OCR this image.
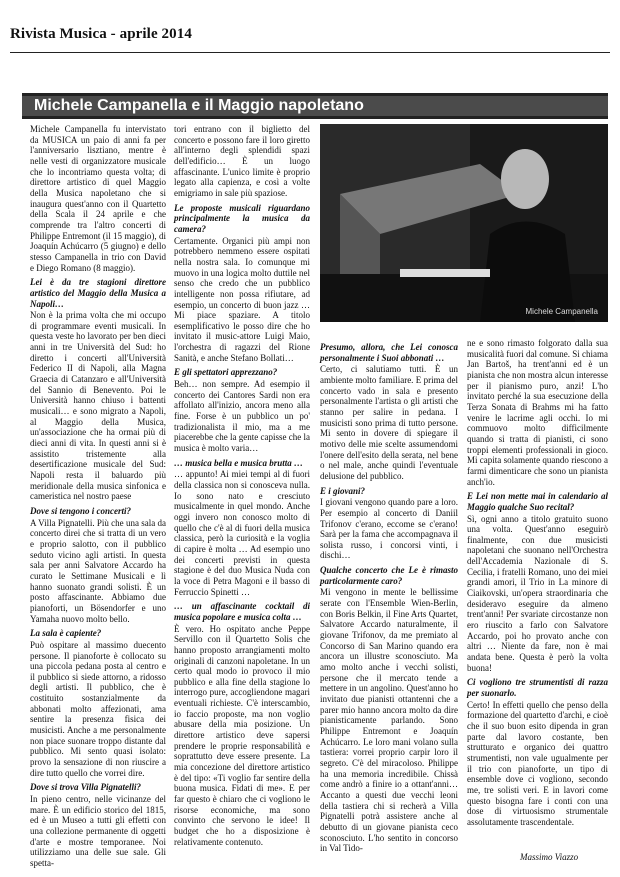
Rivista Musica - aprile 2014
Michele Campanella e il Maggio napoletano

Michele Campanella fu intervistato da MUSICA un paio di anni fa per l'anniversario lisztiano, mentre è nelle vesti di organizzatore musicale che lo incontriamo questa volta; di direttore artistico di quel Maggio della Musica napoletano che si inaugura quest'anno con il Quartetto della Scala il 24 aprile e che comprende tra l'altro concerti di Philippe Entremont (il 15 maggio), di Joaquín Achúcarro (5 giugno) e dello stesso Campanella in trio con David e Diego Romano (8 maggio).

Lei è da tre stagioni direttore artistico del Maggio della Musica a Napoli…

Non è la prima volta che mi occupo di programmare eventi musicali. In questa veste ho lavorato per ben dieci anni in tre Università del Sud: ho diretto i concerti all'Università Federico II di Napoli, alla Magna Graecia di Catanzaro e all'Università del Sannio di Benevento. Poi le Università hanno chiuso i battenti musicali… e sono migrato a Napoli, al Maggio della Musica, un'associazione che ha ormai più di dieci anni di vita. In questi anni si è assistito tristemente alla desertificazione musicale del Sud: Napoli resta il baluardo più meridionale della musica sinfonica e cameristica nel nostro paese

Dove si tengono i concerti?

A Villa Pignatelli. Più che una sala da concerto direi che si tratta di un vero e proprio salotto, con il pubblico seduto vicino agli artisti. In questa sala per anni Salvatore Accardo ha curato le Settimane Musicali e lì hanno suonato grandi solisti. È un posto affascinante. Abbiamo due pianoforti, un Bösendorfer e uno Yamaha nuovo molto bello.

La sala è capiente?

Può ospitare al massimo duecento persone. Il pianoforte è collocato su una piccola pedana posta al centro e il pubblico si siede attorno, a ridosso degli artisti. Il pubblico, che è costituito sostanzialmente da abbonati molto affezionati, ama sentire la presenza fisica dei musicisti. Anche a me personalmente non piace suonare troppo distante dal pubblico. Mi sento quasi isolato: provo la sensazione di non riuscire a dire tutto quello che vorrei dire.

Dove si trova Villa Pignatelli?

In pieno centro, nelle vicinanze del mare. È un edificio storico del 1815, ed è un Museo a tutti gli effetti con una collezione permanente di oggetti d'arte e mostre temporanee. Noi utilizziamo una delle sue sale. Gli spetta-

tori entrano con il biglietto del concerto e possono fare il loro giretto all'interno degli splendidi spazi dell'edificio… È un luogo affascinante. L'unico limite è proprio legato alla capienza, e così a volte emigriamo in sale più spaziose.

Le proposte musicali riguardano principalmente la musica da camera?

Certamente. Organici più ampi non potrebbero nemmeno essere ospitati nella nostra sala. Io comunque mi muovo in una logica molto duttile nel senso che credo che un pubblico intelligente non possa rifiutare, ad esempio, un concerto di buon jazz … Mi piace spaziare. A titolo esemplificativo le posso dire che ho invitato il music-attore Luigi Maio, l'orchestra di ragazzi del Rione Sanità, e anche Stefano Bollati…

E gli spettatori apprezzano?

Beh… non sempre. Ad esempio il concerto dei Cantores Sardi non era affollato all'inizio, ancora meno alla fine. Forse è un pubblico un po' tradizionalista il mio, ma a me piacerebbe che la gente capisse che la musica è molto varia…

… musica bella e musica brutta …

… appunto! Ai miei tempi al di fuori della classica non si conosceva nulla. Io sono nato e cresciuto musicalmente in quel mondo. Anche oggi invero non conosco molto di quello che c'è al di fuori della musica classica, però la curiosità e la voglia di capire è molta … Ad esempio uno dei concerti previsti in questa stagione è del duo Musica Nuda con la voce di Petra Magoni e il basso di Ferruccio Spinetti …

… un affascinante cocktail di musica popolare e musica colta …

È vero. Ho ospitato anche Peppe Servillo con il Quartetto Solis che hanno proposto arrangiamenti molto originali di canzoni napoletane. In un certo qual modo io provoco il mio pubblico e alla fine della stagione lo interrogo pure, accogliendone magari eventuali richieste. C'è interscambio, io faccio proposte, ma non voglio abusare della mia posizione. Un direttore artistico deve sapersi prendere le proprie responsabilità e soprattutto deve essere presente. La mia concezione del direttore artistico è del tipo: «Ti voglio far sentire della buona musica. Fidati di me». E per far questo è chiaro che ci vogliono le risorse economiche, ma sono convinto che servono le idee! Il budget che ho a disposizione è relativamente contenuto.

Michele Campanella

Presumo, allora, che Lei conosca personalmente i Suoi abbonati …

Certo, ci salutiamo tutti. È un ambiente molto familiare. E prima del concerto vado in sala e presento personalmente l'artista o gli artisti che stanno per salire in pedana. I musicisti sono prima di tutto persone. Mi sento in dovere di spiegare il motivo delle mie scelte assumendomi l'onere dell'esito della serata, nel bene o nel male, anche quindi l'eventuale delusione del pubblico.

E i giovani?

I giovani vengono quando pare a loro. Per esempio al concerto di Daniil Trifonov c'erano, eccome se c'erano! Sarà per la fama che accompagnava il solista russo, i concorsi vinti, i dischi…

Qualche concerto che Le è rimasto particolarmente caro?

Mi vengono in mente le bellissime serate con l'Ensemble Wien-Berlin, con Boris Belkin, il Fine Arts Quartet, Salvatore Accardo naturalmente, il giovane Trifonov, da me premiato al Concorso di San Marino quando era ancora un illustre sconosciuto. Ma amo molto anche i vecchi solisti, persone che il mercato tende a mettere in un angolino. Quest'anno ho invitato due pianisti ottantenni che a parer mio hanno ancora molto da dire pianisticamente parlando. Sono Philippe Entremont e Joaquín Achúcarro. Le loro mani volano sulla tastiera: vorrei proprio carpir loro il segreto. C'è del miracoloso. Philippe ha una memoria incredibile. Chissà come andrò a finire io a ottant'anni… Accanto a questi due vecchi leoni della tastiera chi si recherà a Villa Pignatelli potrà assistere anche al debutto di un giovane pianista ceco sconosciuto. L'ho sentito in concorso in Val Tido-

ne e sono rimasto folgorato dalla sua musicalità fuori dal comune. Si chiama Jan Bartoš, ha trent'anni ed è un pianista che non mostra alcun interesse per il pianismo puro, anzi! L'ho invitato perché la sua esecuzione della Terza Sonata di Brahms mi ha fatto venire le lacrime agli occhi. Io mi commuovo molto difficilmente quando si tratta di pianisti, ci sono troppi elementi professionali in gioco. Mi capita solamente quando riescono a farmi dimenticare che sono un pianista anch'io.

E Lei non mette mai in calendario al Maggio qualche Suo recital?

Sì, ogni anno a titolo gratuito suono una volta. Quest'anno eseguirò finalmente, con due musicisti napoletani che suonano nell'Orchestra dell'Accademia Nazionale di S. Cecilia, i fratelli Romano, uno dei miei grandi amori, il Trio in La minore di Ciaikovski, un'opera straordinaria che desideravo eseguire da almeno trent'anni! Per svariate circostanze non ero riuscito a farlo con Salvatore Accardo, poi ho provato anche con altri … Niente da fare, non è mai andata bene. Questa è però la volta buona!

Ci vogliono tre strumentisti di razza per suonarlo.

Certo! In effetti quello che penso della formazione del quartetto d'archi, e cioè che il suo buon esito dipenda in gran parte dal lavoro costante, ben strutturato e organico dei quattro strumentisti, non vale ugualmente per il trio con pianoforte, un tipo di ensemble dove ci vogliono, secondo me, tre solisti veri. E in lavori come questo bisogna fare i conti con una dose di virtuosismo strumentale assolutamente trascendentale.

Massimo Viazzo
